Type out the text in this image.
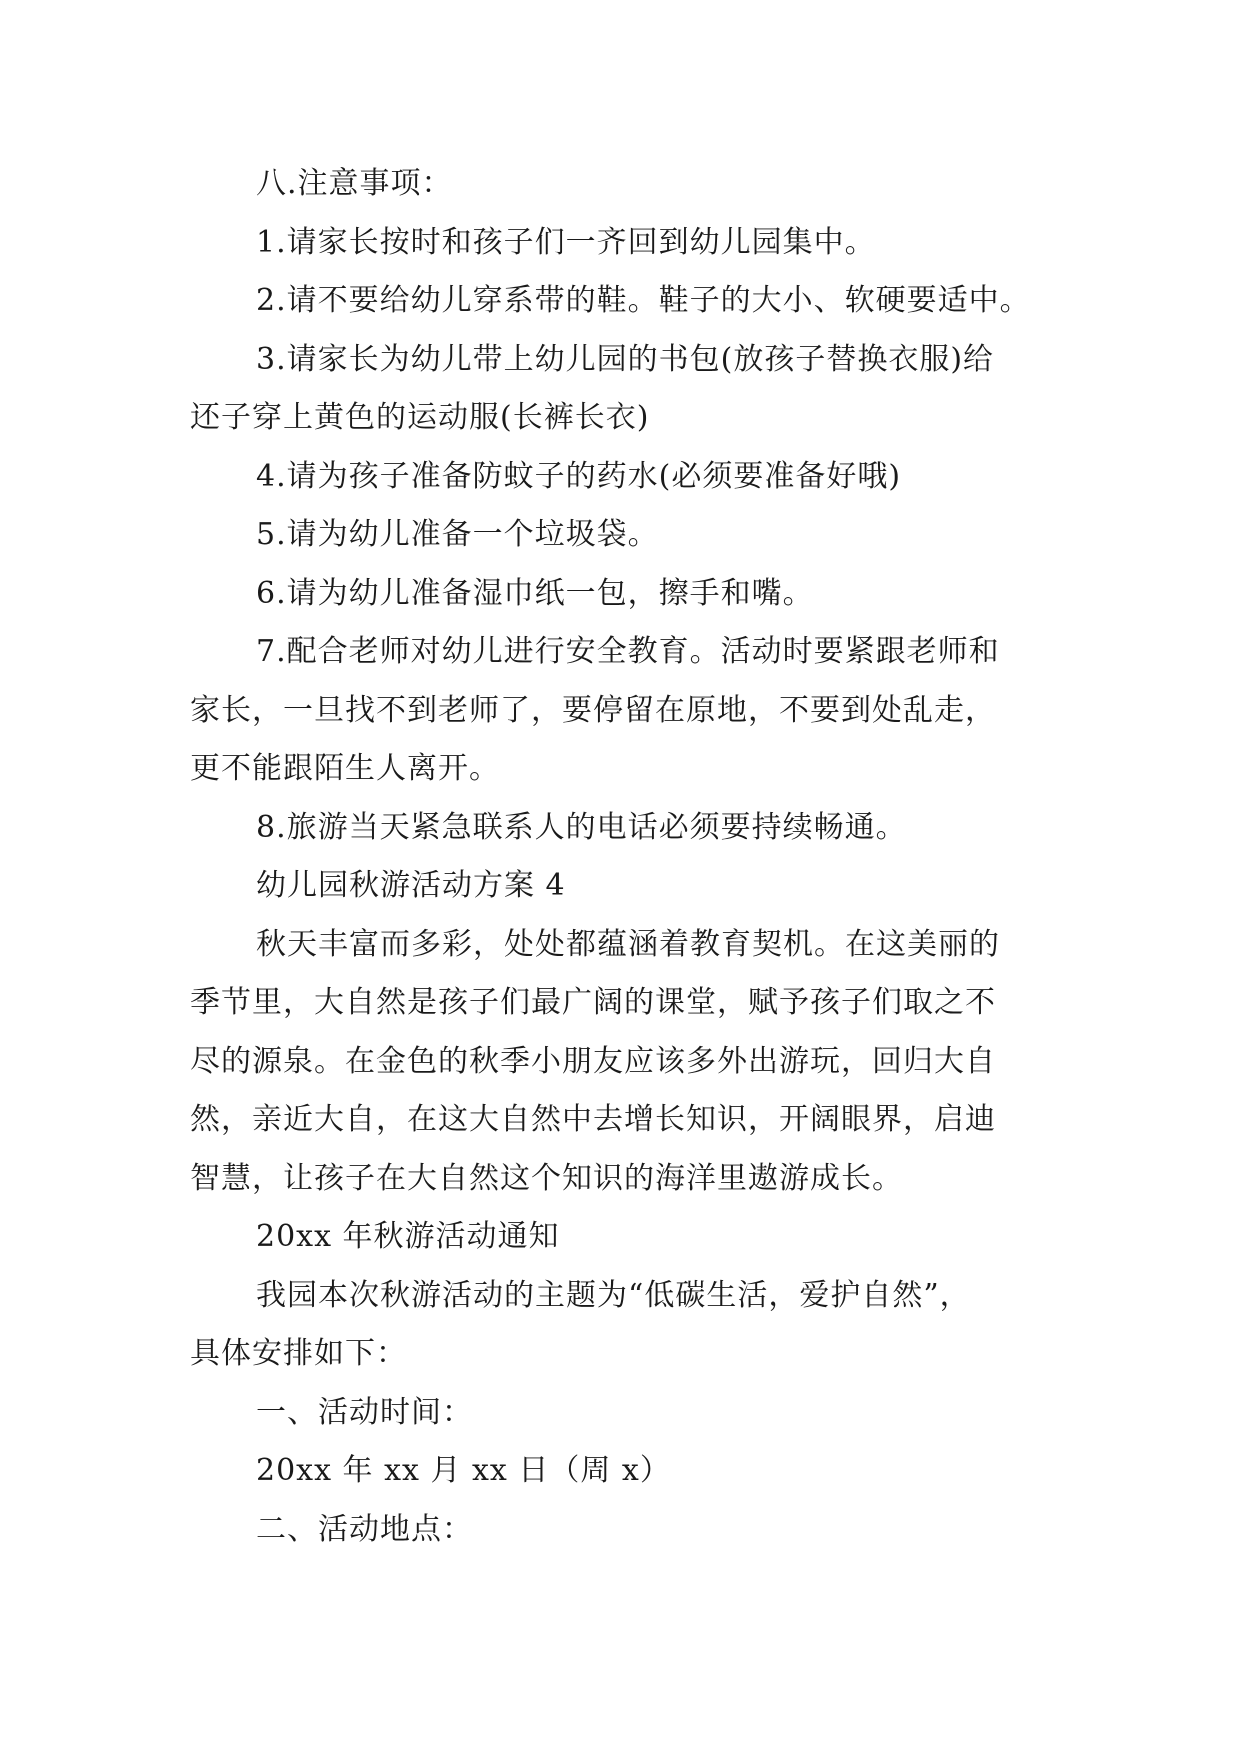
八.注意事项：
1.请家长按时和孩子们一齐回到幼儿园集中。
2.请不要给幼儿穿系带的鞋。鞋子的大小、软硬要适中。
3.请家长为幼儿带上幼儿园的书包(放孩子替换衣服)给
还子穿上黄色的运动服(长裤长衣)
4.请为孩子准备防蚊子的药水(必须要准备好哦)
5.请为幼儿准备一个垃圾袋。
6.请为幼儿准备湿巾纸一包，擦手和嘴。
7.配合老师对幼儿进行安全教育。活动时要紧跟老师和
家长，一旦找不到老师了，要停留在原地，不要到处乱走，
更不能跟陌生人离开。
8.旅游当天紧急联系人的电话必须要持续畅通。
幼儿园秋游活动方案 4
秋天丰富而多彩，处处都蕴涵着教育契机。在这美丽的
季节里，大自然是孩子们最广阔的课堂，赋予孩子们取之不
尽的源泉。在金色的秋季小朋友应该多外出游玩，回归大自
然，亲近大自，在这大自然中去增长知识，开阔眼界，启迪
智慧，让孩子在大自然这个知识的海洋里遨游成长。
20xx 年秋游活动通知
我园本次秋游活动的主题为“低碳生活，爱护自然”，
具体安排如下：
一、活动时间：
20xx 年 xx 月 xx 日（周 x）
二、活动地点：
